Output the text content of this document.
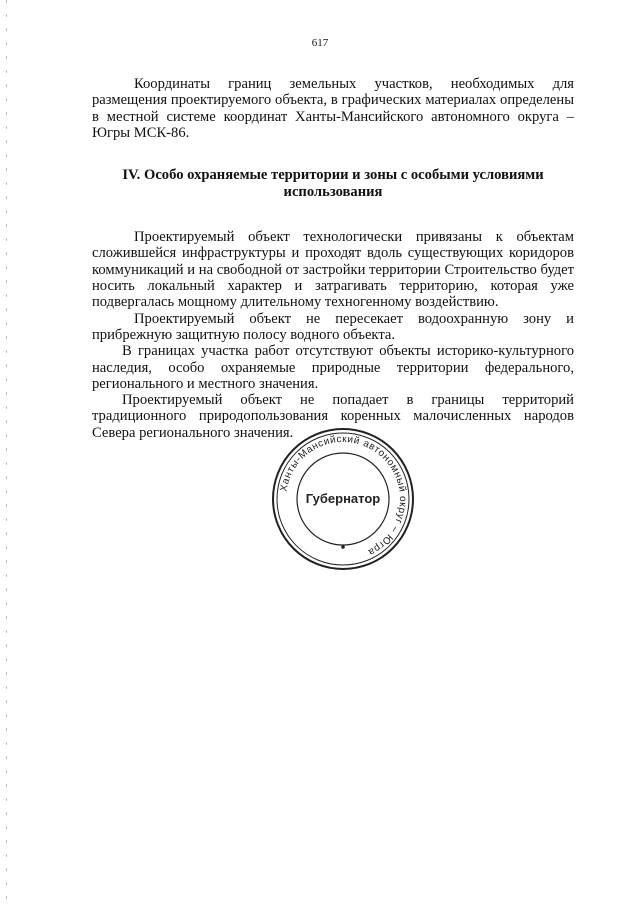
617

Координаты границ земельных участков, необходимых для размещения проектируемого объекта, в графических материалах определены в местной системе координат Ханты-Мансийского автономного округа – Югры МСК-86.

IV. Особо охраняемые территории и зоны с особыми условиями использования

Проектируемый объект технологически привязаны к объектам сложившейся инфраструктуры и проходят вдоль существующих коридоров коммуникаций и на свободной от застройки территории Строительство будет носить локальный характер и затрагивать территорию, которая уже подвергалась мощному длительному техногенному воздействию.

Проектируемый объект не пересекает водоохранную зону и прибрежную защитную полосу водного объекта.

В границах участка работ отсутствуют объекты историко-культурного наследия, особо охраняемые природные территории федерального, регионального и местного значения.

Проектируемый объект не попадает в границы территорий традиционного природопользования коренных малочисленных народов Севера регионального значения.

Ханты-Мансийский автономный округ – Югра
Губернатор
